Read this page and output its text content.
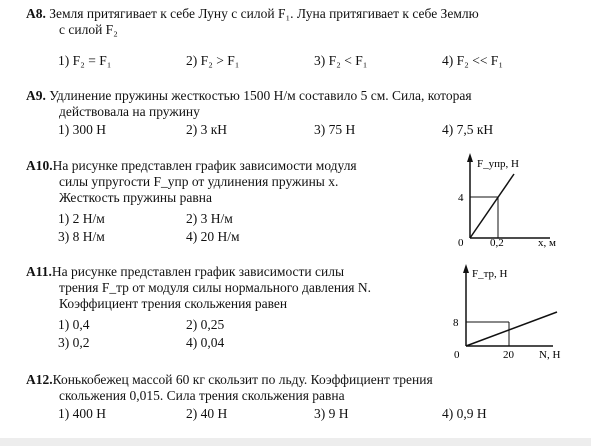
A8. Земля притягивает к себе Луну с силой F₁. Луна притягивает к себе Землю
с силой F₂
1) F₂ = F₁	2) F₂ > F₁	3) F₂ < F₁	4) F₂ << F₁
A9. Удлинение пружины жесткостью 1500 Н/м составило 5 см. Сила, которая
действовала на пружину
1) 300 Н	2) 3 кН	3) 75 Н	4) 7,5 кН
A10.На рисунке представлен график зависимости модуля
силы упругости F_упр от удлинения пружины x.
Жесткость пружины равна
1) 2 Н/м	2) 3 Н/м
3) 8 Н/м	4) 20 Н/м
F_упр, Н
4
0 0,2	x, м
A11.На рисунке представлен график зависимости силы
трения F_тр от модуля силы нормального давления N.
Коэффициент трения скольжения равен
1) 0,4	2) 0,25
3) 0,2	4) 0,04
F_тр, Н
8
0	20 N, Н
A12.Конькобежец массой 60 кг скользит по льду. Коэффициент трения
скольжения 0,015. Сила трения скольжения равна
1) 400 Н	2) 40 Н	3) 9 Н	4) 0,9 Н
